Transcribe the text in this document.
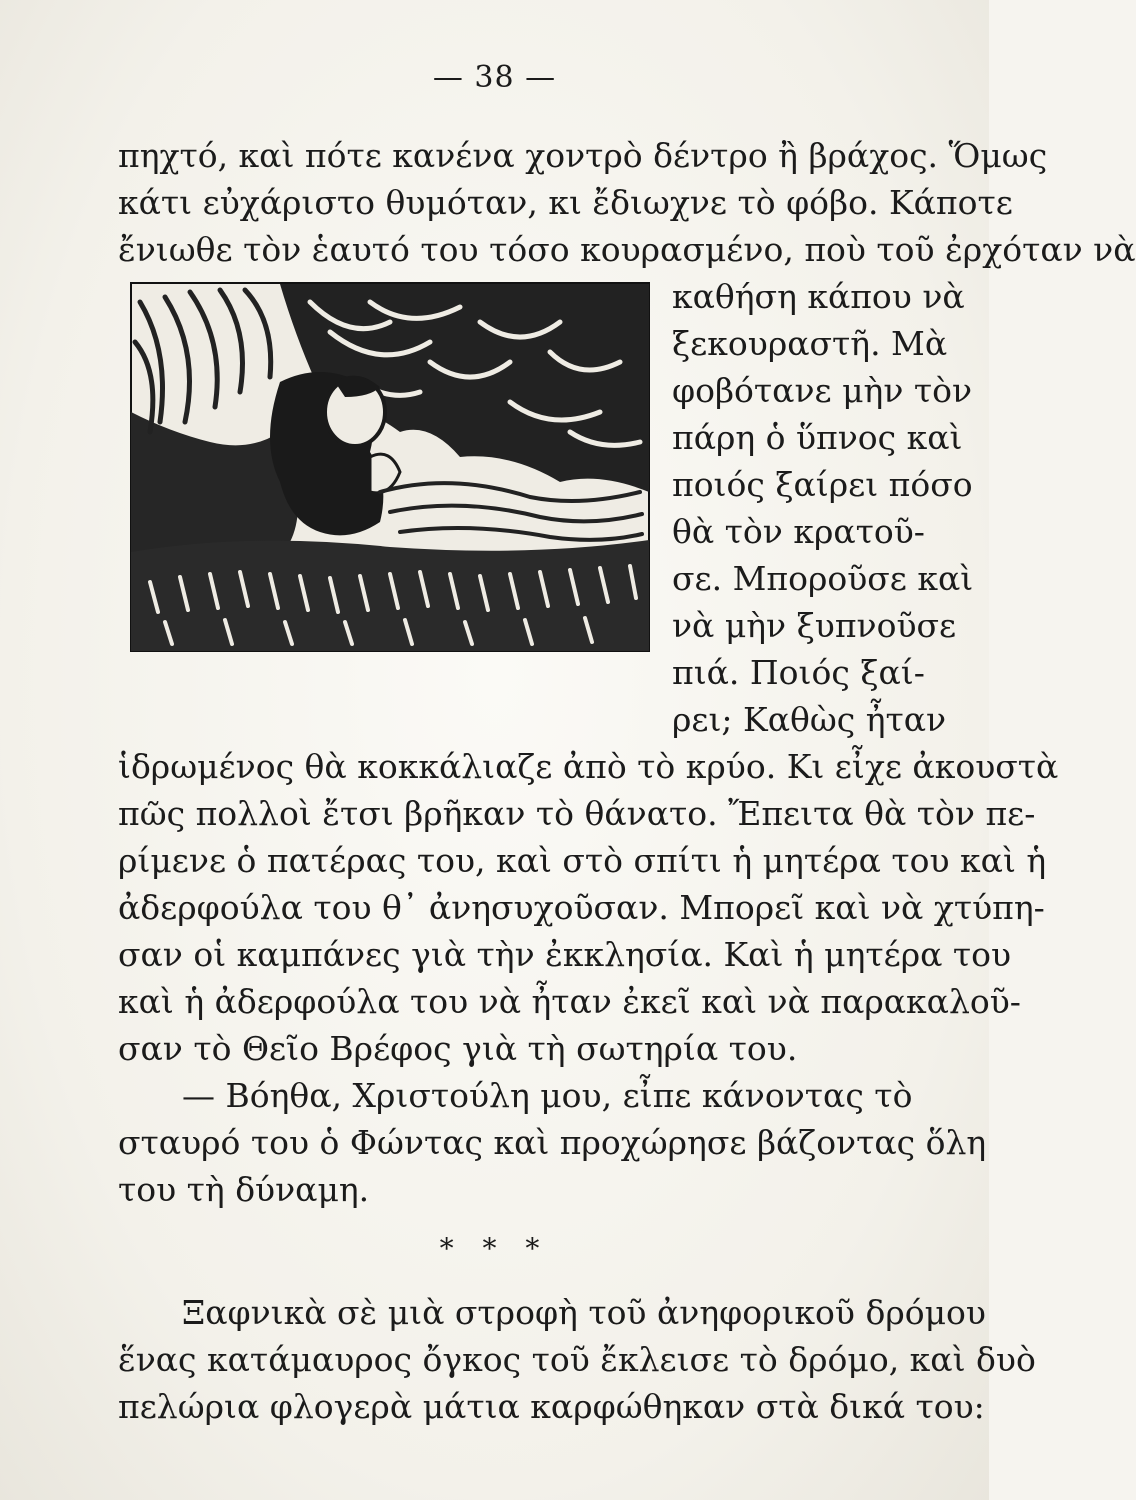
— 38 —
πηχτό, καὶ πότε κανένα χοντρὸ δέντρο ἢ βράχος. Ὅμως
κάτι εὐχάριστο θυμόταν, κι ἔδιωχνε τὸ φόβο. Κάποτε
ἔνιωθε τὸν ἑαυτό του τόσο κουρασμένο, ποὺ τοῦ ἐρχόταν νὰ
καθήση κάπου νὰ
ξεκουραστῆ. Μὰ
φοβότανε μὴν τὸν
πάρη ὁ ὕπνος καὶ
ποιός ξαίρει πόσο
θὰ τὸν κρατοῦ-
σε. Μποροῦσε καὶ
νὰ μὴν ξυπνοῦσε
πιά. Ποιός ξαί-
ρει; Καθὼς ἦταν
ἱδρωμένος θὰ κοκκάλιαζε ἀπὸ τὸ κρύο. Κι εἶχε ἀκουστὰ
πῶς πολλοὶ ἔτσι βρῆκαν τὸ θάνατο. Ἔπειτα θὰ τὸν πε-
ρίμενε ὁ πατέρας του, καὶ στὸ σπίτι ἡ μητέρα του καὶ ἡ
ἀδερφούλα του θ᾽ ἀνησυχοῦσαν. Μπορεῖ καὶ νὰ χτύπη-
σαν οἱ καμπάνες γιὰ τὴν ἐκκλησία. Καὶ ἡ μητέρα του
καὶ ἡ ἀδερφούλα του νὰ ἦταν ἐκεῖ καὶ νὰ παρακαλοῦ-
σαν τὸ Θεῖο Βρέφος γιὰ τὴ σωτηρία του.
— Βόηθα, Χριστούλη μου, εἶπε κάνοντας τὸ
σταυρό του ὁ Φώντας καὶ προχώρησε βάζοντας ὅλη
του τὴ δύναμη.
* * *
Ξαφνικὰ σὲ μιὰ στροφὴ τοῦ ἀνηφορικοῦ δρόμου
ἕνας κατάμαυρος ὄγκος τοῦ ἔκλεισε τὸ δρόμο, καὶ δυὸ
πελώρια φλογερὰ μάτια καρφώθηκαν στὰ δικά του:
